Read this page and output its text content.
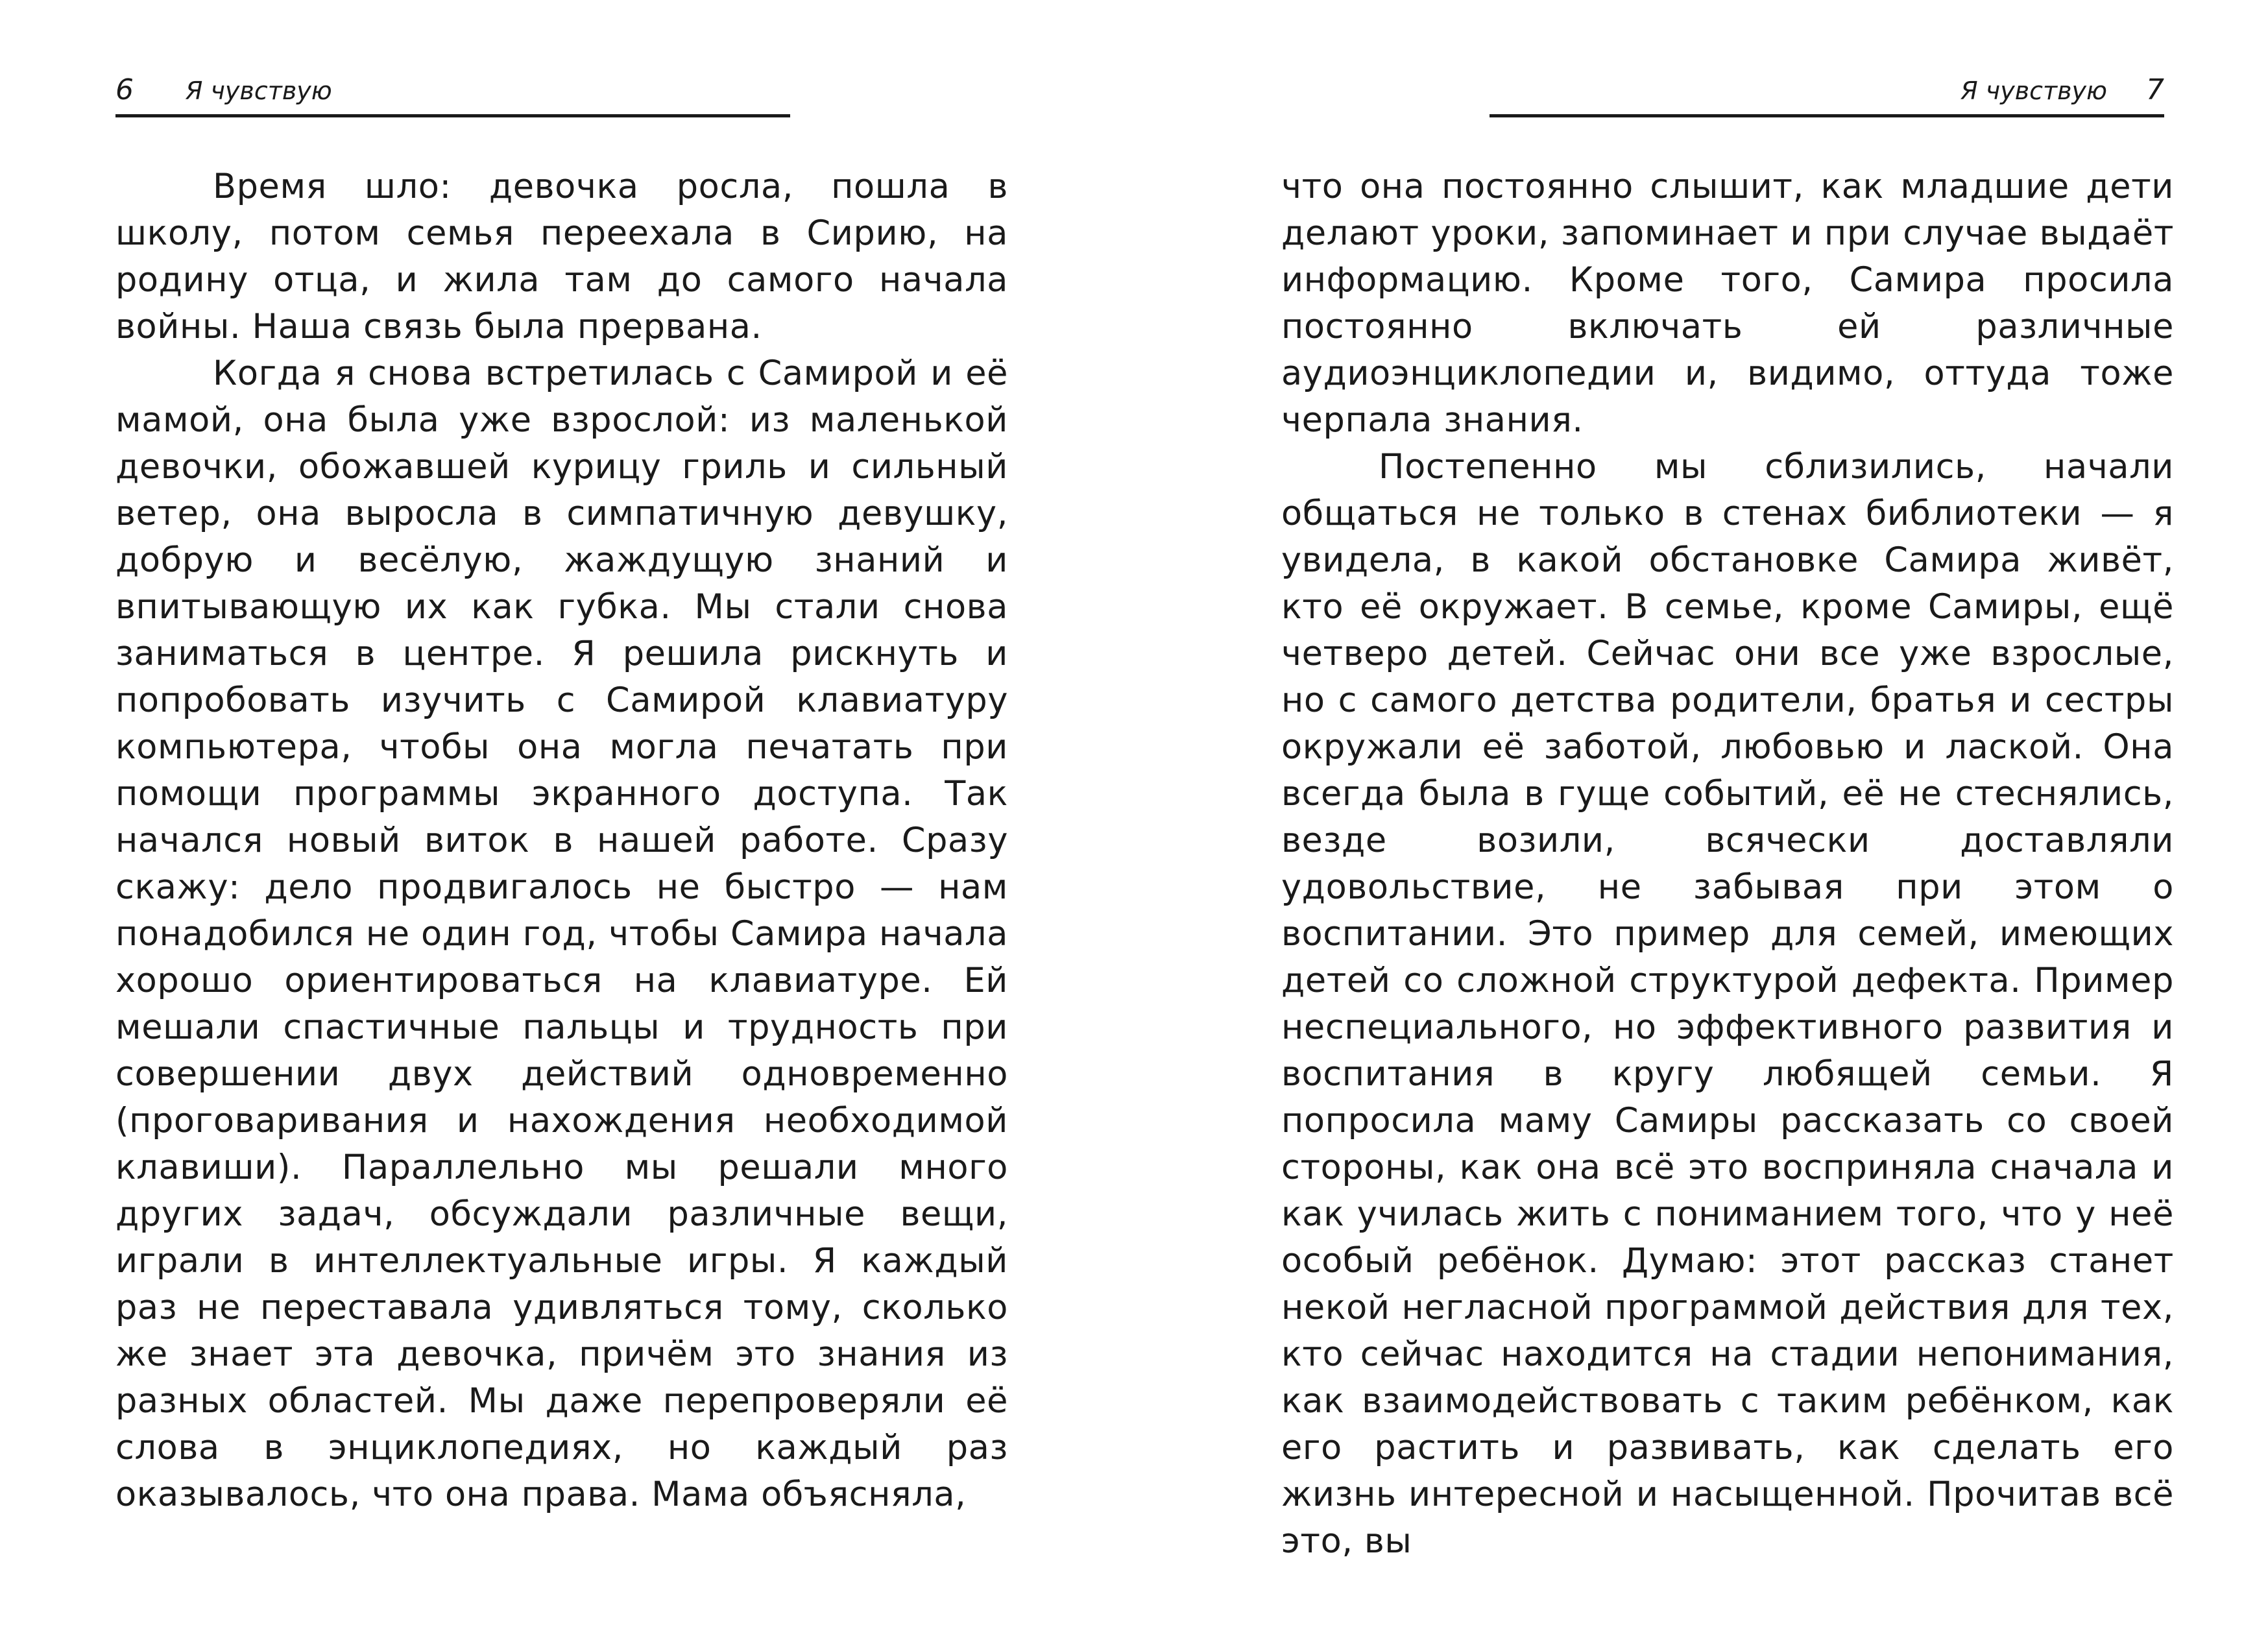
6 Я чувствую

Время шло: девочка росла, пошла в школу, потом семья переехала в Сирию, на родину отца, и жила там до самого начала войны. Наша связь была прервана.

Когда я снова встретилась с Самирой и её мамой, она была уже взрослой: из маленькой девочки, обожавшей курицу гриль и сильный ветер, она выросла в симпатичную девушку, добрую и весёлую, жаждущую знаний и впитывающую их как губка. Мы стали снова заниматься в центре. Я решила рискнуть и попробовать изучить с Самирой клавиатуру компьютера, чтобы она могла печатать при помощи программы экранного доступа. Так начался новый виток в нашей работе. Сразу скажу: дело продвигалось не быстро — нам понадобился не один год, чтобы Самира начала хорошо ориентироваться на клавиатуре. Ей мешали спастичные пальцы и трудность при совершении двух действий одновременно (проговаривания и нахождения необходимой клавиши). Параллельно мы решали много других задач, обсуждали различные вещи, играли в интеллектуальные игры. Я каждый раз не переставала удивляться тому, сколько же знает эта девочка, причём это знания из разных областей. Мы даже перепроверяли её слова в энциклопедиях, но каждый раз оказывалось, что она права. Мама объясняла,

Я чувствую 7

что она постоянно слышит, как младшие дети делают уроки, запоминает и при случае выдаёт информацию. Кроме того, Самира просила постоянно включать ей различные аудиоэнциклопедии и, видимо, оттуда тоже черпала знания.

Постепенно мы сблизились, начали общаться не только в стенах библиотеки — я увидела, в какой обстановке Самира живёт, кто её окружает. В семье, кроме Самиры, ещё четверо детей. Сейчас они все уже взрослые, но с самого детства родители, братья и сестры окружали её заботой, любовью и лаской. Она всегда была в гуще событий, её не стеснялись, везде возили, всячески доставляли удовольствие, не забывая при этом о воспитании. Это пример для семей, имеющих детей со сложной структурой дефекта. Пример неспециального, но эффективного развития и воспитания в кругу любящей семьи. Я попросила маму Самиры рассказать со своей стороны, как она всё это восприняла сначала и как училась жить с пониманием того, что у неё особый ребёнок. Думаю: этот рассказ станет некой негласной программой действия для тех, кто сейчас находится на стадии непонимания, как взаимодействовать с таким ребёнком, как его растить и развивать, как сделать его жизнь интересной и насыщенной. Прочитав всё это, вы
